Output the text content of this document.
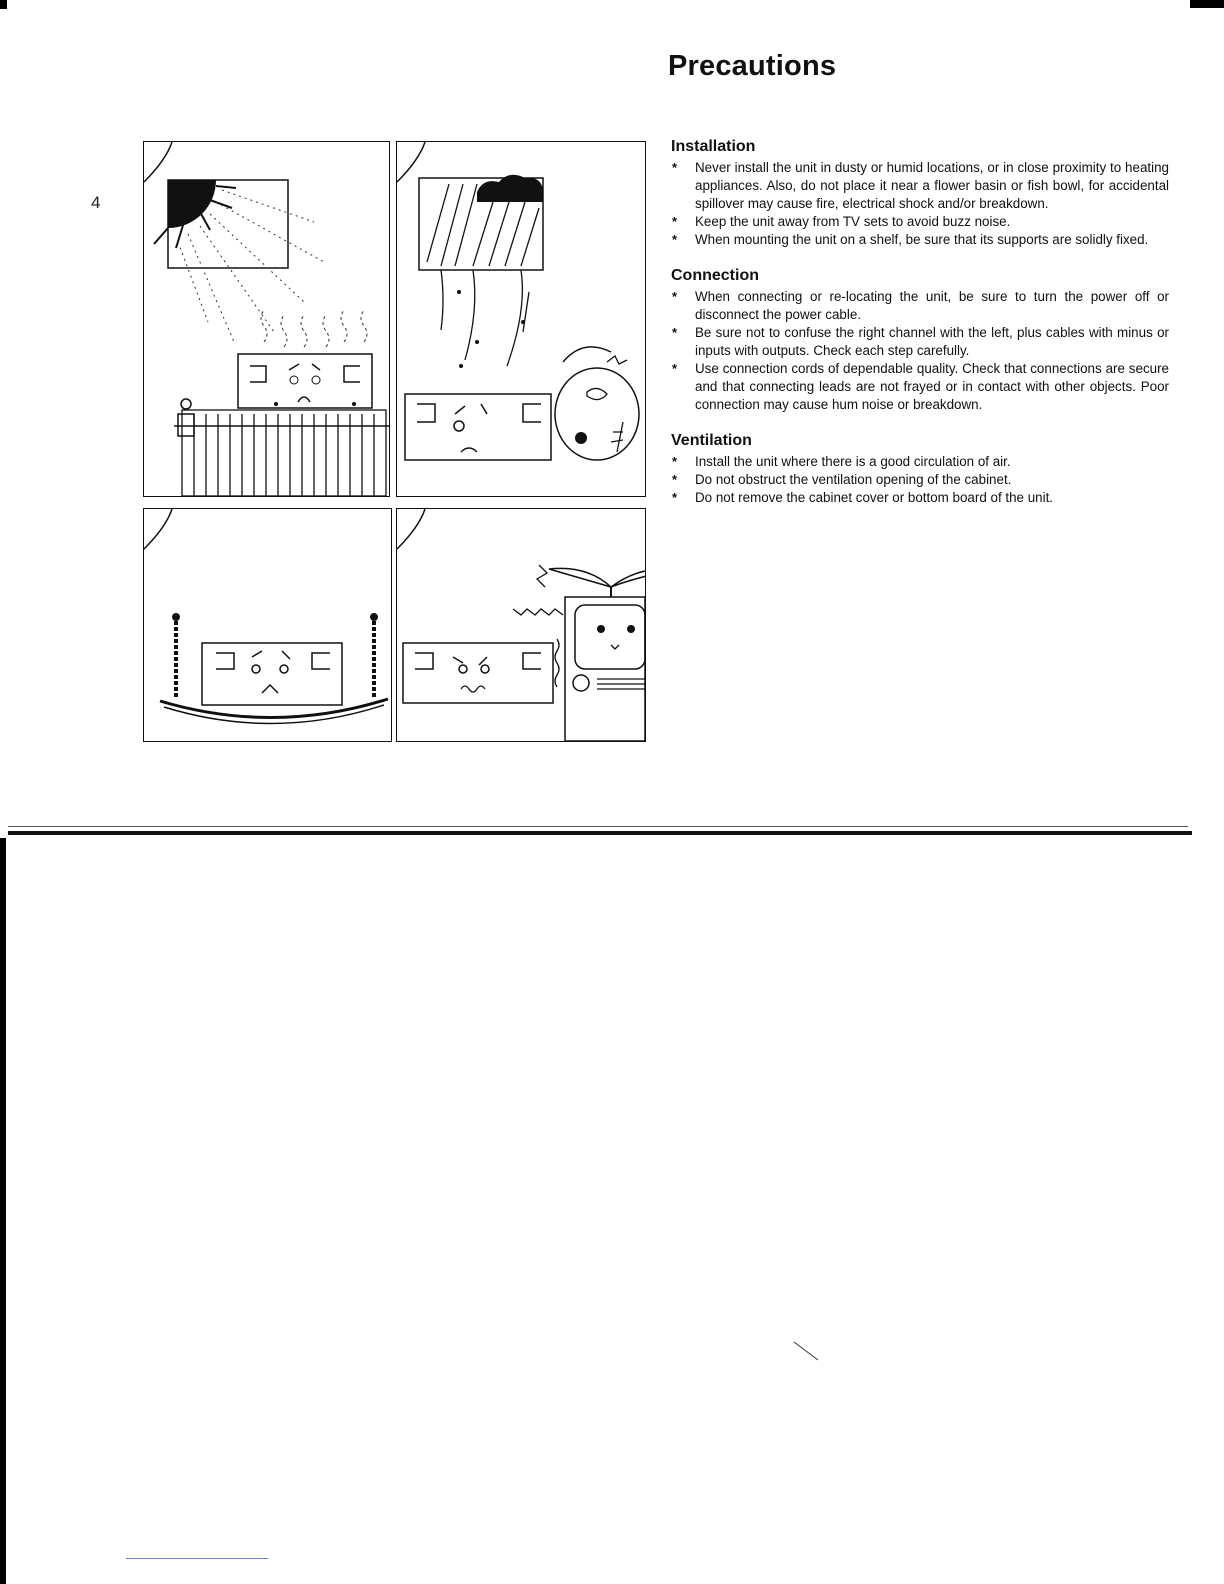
Precautions
4
Installation
* Never install the unit in dusty or humid locations, or in close proximity to heating appliances. Also, do not place it near a flower basin or fish bowl, for accidental spillover may cause fire, electrical shock and/or breakdown.
* Keep the unit away from TV sets to avoid buzz noise.
* When mounting the unit on a shelf, be sure that its supports are solidly fixed.
Connection
* When connecting or re-locating the unit, be sure to turn the power off or disconnect the power cable.
* Be sure not to confuse the right channel with the left, plus cables with minus or inputs with outputs. Check each step carefully.
* Use connection cords of dependable quality. Check that connections are secure and that connecting leads are not frayed or in contact with other objects. Poor connection may cause hum noise or breakdown.
Ventilation
* Install the unit where there is a good circulation of air.
* Do not obstruct the ventilation opening of the cabinet.
* Do not remove the cabinet cover or bottom board of the unit.
